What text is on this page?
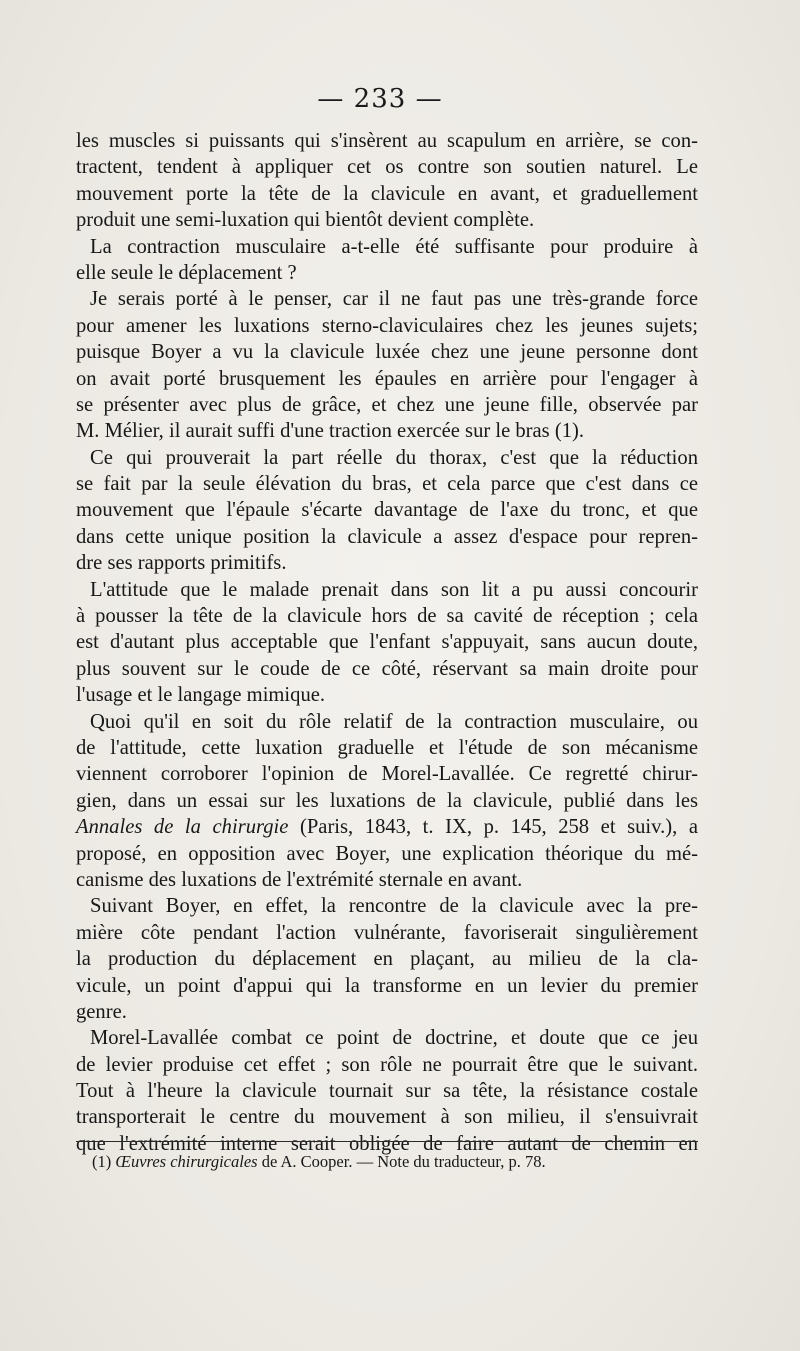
— 233 —
les muscles si puissants qui s'insèrent au scapulum en arrière, se con-
tractent, tendent à appliquer cet os contre son soutien naturel. Le
mouvement porte la tête de la clavicule en avant, et graduellement
produit une semi-luxation qui bientôt devient complète.
La contraction musculaire a-t-elle été suffisante pour produire à
elle seule le déplacement ?
Je serais porté à le penser, car il ne faut pas une très-grande force
pour amener les luxations sterno-claviculaires chez les jeunes sujets;
puisque Boyer a vu la clavicule luxée chez une jeune personne dont
on avait porté brusquement les épaules en arrière pour l'engager à
se présenter avec plus de grâce, et chez une jeune fille, observée par
M. Mélier, il aurait suffi d'une traction exercée sur le bras (1).
Ce qui prouverait la part réelle du thorax, c'est que la réduction
se fait par la seule élévation du bras, et cela parce que c'est dans ce
mouvement que l'épaule s'écarte davantage de l'axe du tronc, et que
dans cette unique position la clavicule a assez d'espace pour repren-
dre ses rapports primitifs.
L'attitude que le malade prenait dans son lit a pu aussi concourir
à pousser la tête de la clavicule hors de sa cavité de réception ; cela
est d'autant plus acceptable que l'enfant s'appuyait, sans aucun doute,
plus souvent sur le coude de ce côté, réservant sa main droite pour
l'usage et le langage mimique.
Quoi qu'il en soit du rôle relatif de la contraction musculaire, ou
de l'attitude, cette luxation graduelle et l'étude de son mécanisme
viennent corroborer l'opinion de Morel-Lavallée. Ce regretté chirur-
gien, dans un essai sur les luxations de la clavicule, publié dans les
Annales de la chirurgie (Paris, 1843, t. IX, p. 145, 258 et suiv.), a
proposé, en opposition avec Boyer, une explication théorique du mé-
canisme des luxations de l'extrémité sternale en avant.
Suivant Boyer, en effet, la rencontre de la clavicule avec la pre-
mière côte pendant l'action vulnérante, favoriserait singulièrement
la production du déplacement en plaçant, au milieu de la cla-
vicule, un point d'appui qui la transforme en un levier du premier
genre.
Morel-Lavallée combat ce point de doctrine, et doute que ce jeu
de levier produise cet effet ; son rôle ne pourrait être que le suivant.
Tout à l'heure la clavicule tournait sur sa tête, la résistance costale
transporterait le centre du mouvement à son milieu, il s'ensuivrait
que l'extrémité interne serait obligée de faire autant de chemin en
(1) Œuvres chirurgicales de A. Cooper. — Note du traducteur, p. 78.
